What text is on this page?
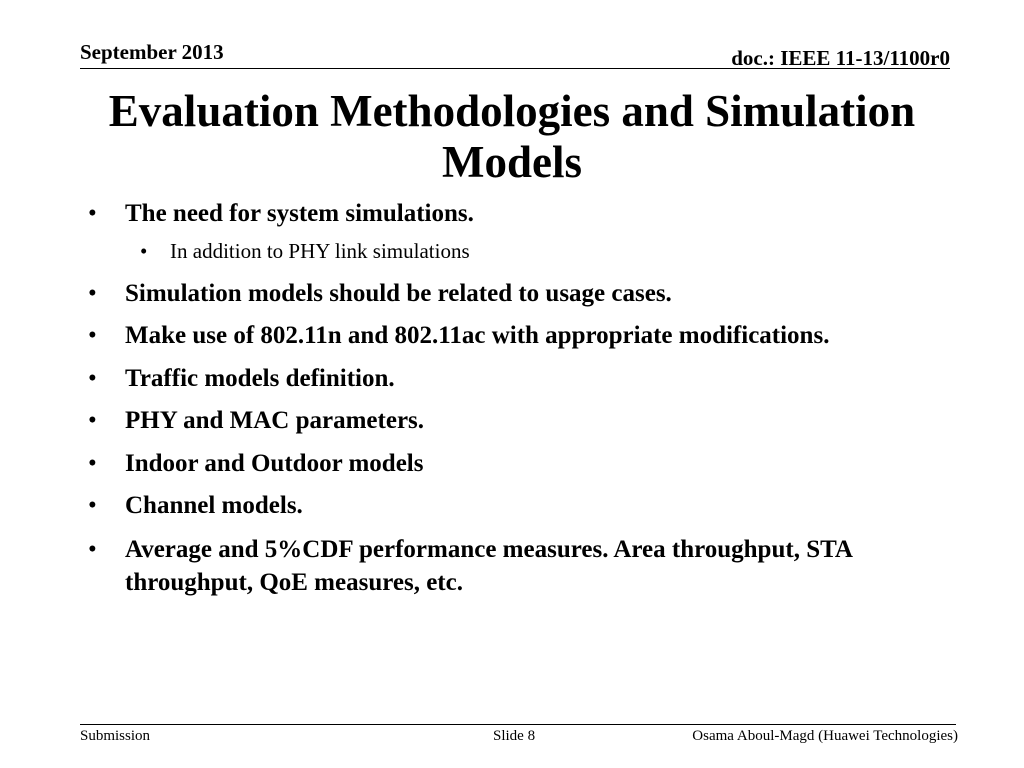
September 2013	doc.: IEEE 11-13/1100r0
Evaluation Methodologies and Simulation Models
•	The need for system simulations.
•	In addition to PHY link simulations
•	Simulation models should be related to usage cases.
•	Make use of 802.11n and 802.11ac with appropriate modifications.
•	Traffic models definition.
•	PHY and MAC parameters.
•	Indoor and Outdoor models
•	Channel models.
•	Average and 5%CDF performance measures. Area throughput, STA throughput, QoE measures, etc.
Submission	Slide 8	Osama Aboul-Magd (Huawei Technologies)
